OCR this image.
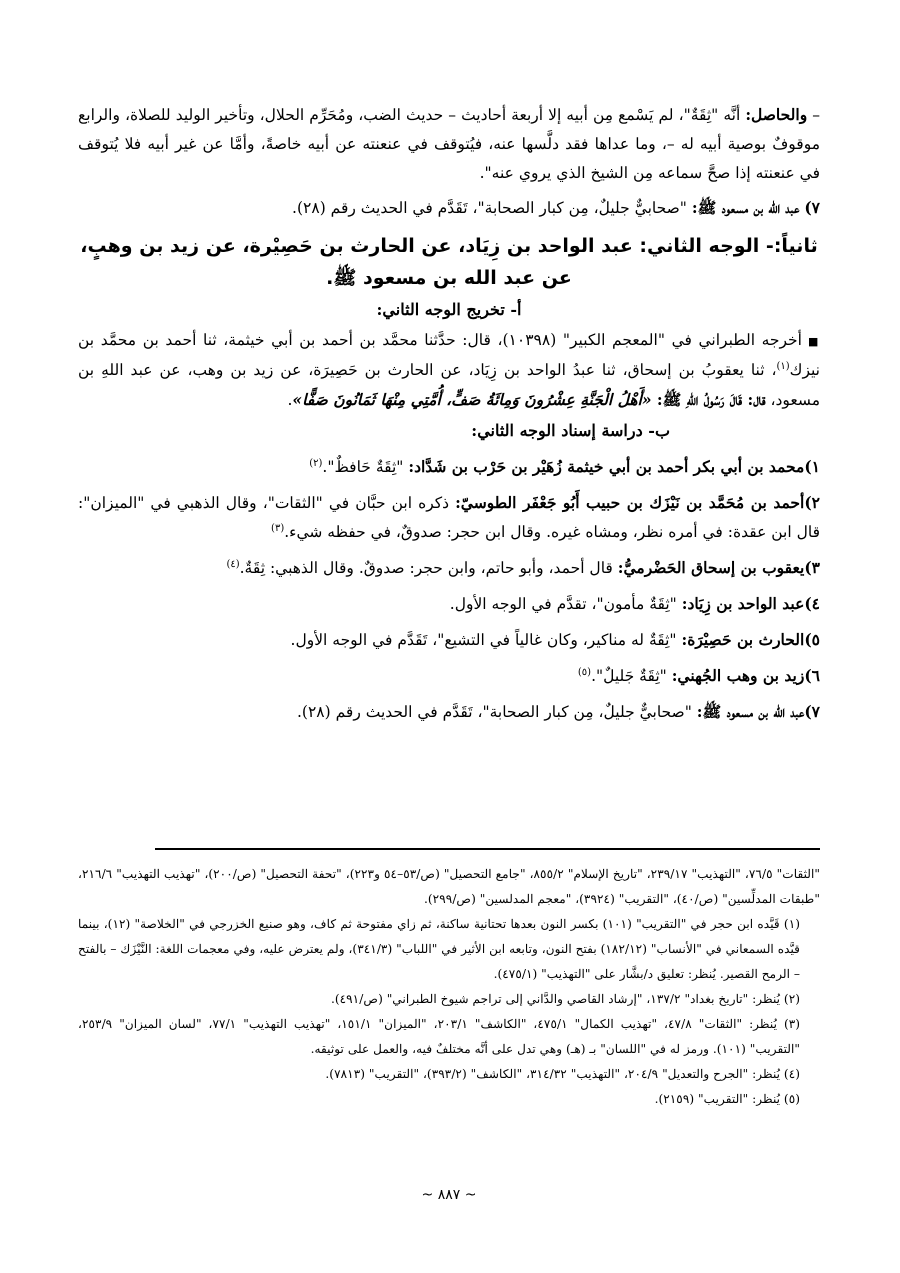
– والحاصل: أنَّه "ثِقَةٌ"، لم يَسْمع مِن أبيه إلا أربعة أحاديث – حديث الضب، ومُحَرِّم الحلال، وتأخير الوليد للصلاة، والرابع موقوفٌ بوصية أبيه له –، وما عداها فقد دلَّسها عنه، فيُتوقف في عنعنته عن أبيه خاصةً، وأمَّا عن غير أبيه فلا يُتوقف في عنعنته إذا صحَّ سماعه مِن الشيخ الذي يروي عنه".

٧) عبد الله بن مسعود ﷺ: "صحابيٌّ جليلٌ، مِن كبار الصحابة"، تَقَدَّم في الحديث رقم (٢٨).

ثانياً:- الوجه الثاني: عبد الواحد بن زِيَاد، عن الحارث بن حَصِيْرة، عن زيد بن وهبٍ، عن عبد الله بن مسعود ﷺ.

أ- تخريج الوجه الثاني:

■أخرجه الطبراني في "المعجم الكبير" (١٠٣٩٨)، قال: حدَّثنا محمَّد بن أحمد بن أبي خيثمة، ثنا أحمد بن محمَّد بن نيزك$^{(١)}$، ثنا يعقوبُ بن إسحاق، ثنا عبدُ الواحد بن زِيَاد، عن الحارث بن حَصِيرَة، عن زيد بن وهب، عن عبد اللهِ بن مسعود، قال: قَالَ رَسُولُ اللهِ ﷺ: «أَهْلُ الْجَنَّةِ عِشْرُونَ وَمِائَةُ صَفٍّ، أُمَّتِي مِنْهَا ثَمَانُونَ صَفًّا».

ب- دراسة إسناد الوجه الثاني:

١)محمد بن أبي بكر أحمد بن أبي خيثمة زُهَيْر بن حَرْب بن شَدَّاد: "ثِقَةٌ حَافظٌ".$^{(٢)}$

٢)أحمد بن مُحَمَّد بن نَيْزَك بن حبيب أَبُو جَعْفَر الطوسيّ: ذكره ابن حبَّان في "الثقات"، وقال الذهبي في "الميزان": قال ابن عقدة: في أمره نظر، ومشاه غيره. وقال ابن حجر: صدوقٌ، في حفظه شيء.$^{(٣)}$

٣)يعقوب بن إسحاق الحَضْرميُّ: قال أحمد، وأبو حاتم، وابن حجر: صدوقٌ. وقال الذهبي: ثِقَةٌ.$^{(٤)}$

٤)عبد الواحد بن زِيَاد: "ثِقَةٌ مأمون"، تقدَّم في الوجه الأول.

٥)الحارث بن حَصِيْرَة: "ثِقَةٌ له مناكير، وكان غالياً في التشيع"، تَقَدَّم في الوجه الأول.

٦)زيد بن وهب الجُهني: "ثِقَةٌ جَليلٌ".$^{(٥)}$

٧)عبد الله بن مسعود ﷺ: "صحابيٌّ جليلٌ، مِن كبار الصحابة"، تَقَدَّم في الحديث رقم (٢٨).

"الثقات" ٧٦/٥، "التهذيب" ٢٣٩/١٧، "تاريخ الإسلام" ٨٥٥/٢، "جامع التحصيل" (ص/٥٣–٥٤ و٢٢٣)، "تحفة التحصيل" (ص/٢٠٠)، "تهذيب التهذيب" ٢١٦/٦، "طبقات المدلِّسين" (ص/٤٠)، "التقريب" (٣٩٢٤)، "معجم المدلسين" (ص/٢٩٩).

(١) قَيَّده ابن حجر في "التقريب" (١٠١) بكسر النون بعدها تحتانية ساكنة، ثم زاي مفتوحة ثم كاف، وهو صنيع الخزرجي في "الخلاصة" (١٢)، بينما قيَّده السمعاني في "الأنساب" (١٨٢/١٢) بفتح النون، وتابعه ابن الأثير في "اللباب" (٣٤١/٣)، ولم يعترض عليه، وفي معجمات اللغة: النَّيْزَك – بالفتح – الرمح القصير. يُنظر: تعليق د/بشَّار على "التهذيب" (٤٧٥/١).

(٢) يُنظر: "تاريخ بغداد" ١٣٧/٢، "إرشاد القاصي والدَّاني إلى تراجم شيوخ الطبراني" (ص/٤٩١).

(٣) يُنظر: "الثقات" ٤٧/٨، "تهذيب الكمال" ٤٧٥/١، "الكاشف" ٢٠٣/١، "الميزان" ١٥١/١، "تهذيب التهذيب" ٧٧/١، "لسان الميزان" ٢٥٣/٩، "التقريب" (١٠١). ورمز له في "اللسان" بـ (هـ) وهي تدل على أنَّه مختلفٌ فيه، والعمل على توثيقه.

(٤) يُنظر: "الجرح والتعديل" ٢٠٤/٩، "التهذيب" ٣١٤/٣٢، "الكاشف" (٣٩٣/٢)، "التقريب" (٧٨١٣).

(٥) يُنظر: "التقريب" (٢١٥٩).

~ ٨٨٧ ~
